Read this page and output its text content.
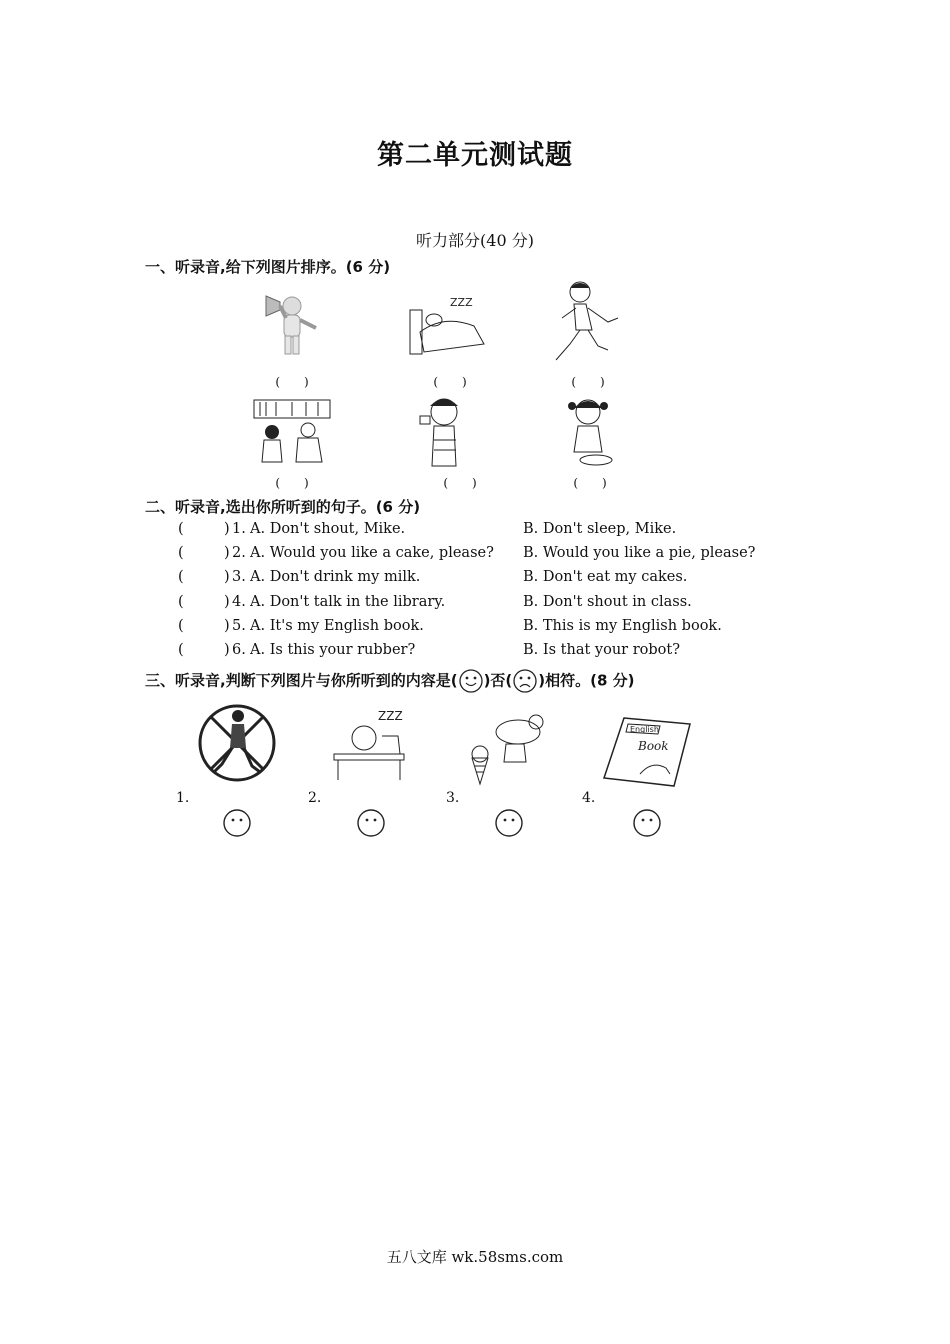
第二单元测试题
听力部分(40 分)
一、听录音,给下列图片排序。(6 分)
ZZZ
(　　)	(　　)	(　　)
(　　)	(　　)	(　　)
二、听录音,选出你所听到的句子。(6 分)
(	) 1. A. Don't shout, Mike.	B. Don't sleep, Mike.
(	) 2. A. Would you like a cake, please? B. Would you like a pie, please?
(	) 3. A. Don't drink my milk.	B. Don't eat my cakes.
(	) 4. A. Don't talk in the library.	B. Don't shout in class.
(	) 5. A. It's my English book.	B. This is my English book.
(	) 6. A. Is this your rubber?	B. Is that your robot?
三、听录音,判断下列图片与你所听到的内容是( )否( )相符。(8 分)
ZZZ
English
Book
1.	2.	3.	4.
五八文库 wk.58sms.com
